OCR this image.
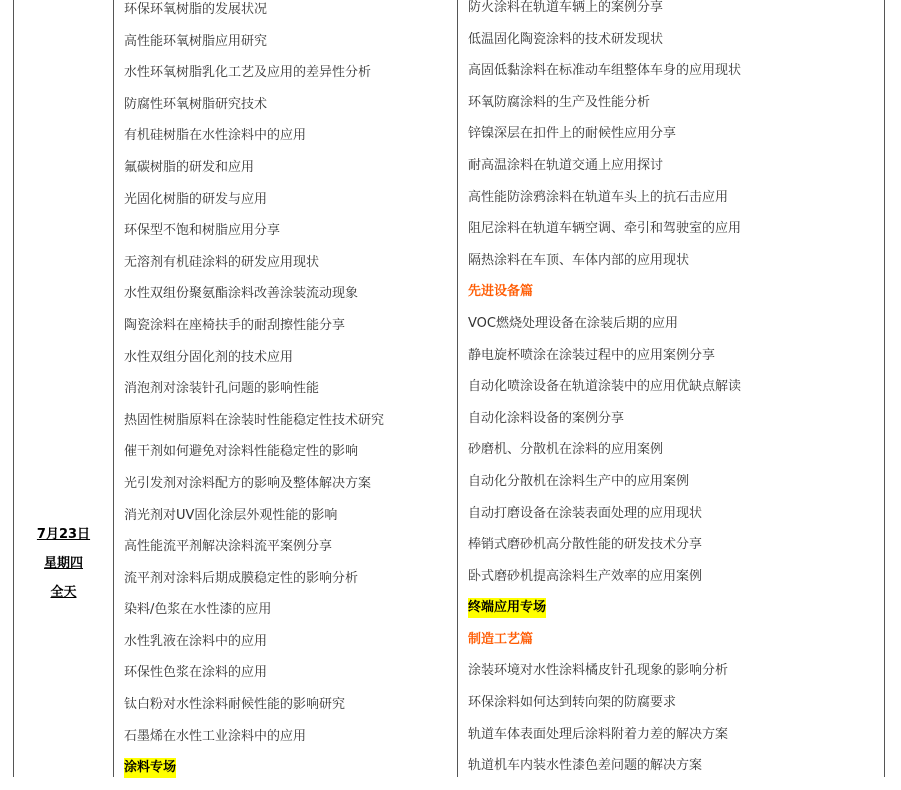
7月23日
星期四
全天
环保环氧树脂的发展状况
高性能环氧树脂应用研究
水性环氧树脂乳化工艺及应用的差异性分析
防腐性环氧树脂研究技术
有机硅树脂在水性涂料中的应用
氟碳树脂的研发和应用
光固化树脂的研发与应用
环保型不饱和树脂应用分享
无溶剂有机硅涂料的研发应用现状
水性双组份聚氨酯涂料改善涂装流动现象
陶瓷涂料在座椅扶手的耐刮擦性能分享
水性双组分固化剂的技术应用
消泡剂对涂装针孔问题的影响性能
热固性树脂原料在涂装时性能稳定性技术研究
催干剂如何避免对涂料性能稳定性的影响
光引发剂对涂料配方的影响及整体解决方案
消光剂对UV固化涂层外观性能的影响
高性能流平剂解决涂料流平案例分享
流平剂对涂料后期成膜稳定性的影响分析
染料/色浆在水性漆的应用
水性乳液在涂料中的应用
环保性色浆在涂料的应用
钛白粉对水性涂料耐候性能的影响研究
石墨烯在水性工业涂料中的应用
涂料专场
防火涂料在轨道车辆上的案例分享
低温固化陶瓷涂料的技术研发现状
高固低黏涂料在标准动车组整体车身的应用现状
环氧防腐涂料的生产及性能分析
锌镍深层在扣件上的耐候性应用分享
耐高温涂料在轨道交通上应用探讨
高性能防涂鸦涂料在轨道车头上的抗石击应用
阻尼涂料在轨道车辆空调、牵引和驾驶室的应用
隔热涂料在车顶、车体内部的应用现状
先进设备篇
VOC燃烧处理设备在涂装后期的应用
静电旋杯喷涂在涂装过程中的应用案例分享
自动化喷涂设备在轨道涂装中的应用优缺点解读
自动化涂料设备的案例分享
砂磨机、分散机在涂料的应用案例
自动化分散机在涂料生产中的应用案例
自动打磨设备在涂装表面处理的应用现状
棒销式磨砂机高分散性能的研发技术分享
卧式磨砂机提高涂料生产效率的应用案例
终端应用专场
制造工艺篇
涂装环境对水性涂料橘皮针孔现象的影响分析
环保涂料如何达到转向架的防腐要求
轨道车体表面处理后涂料附着力差的解决方案
轨道机车内装水性漆色差问题的解决方案
